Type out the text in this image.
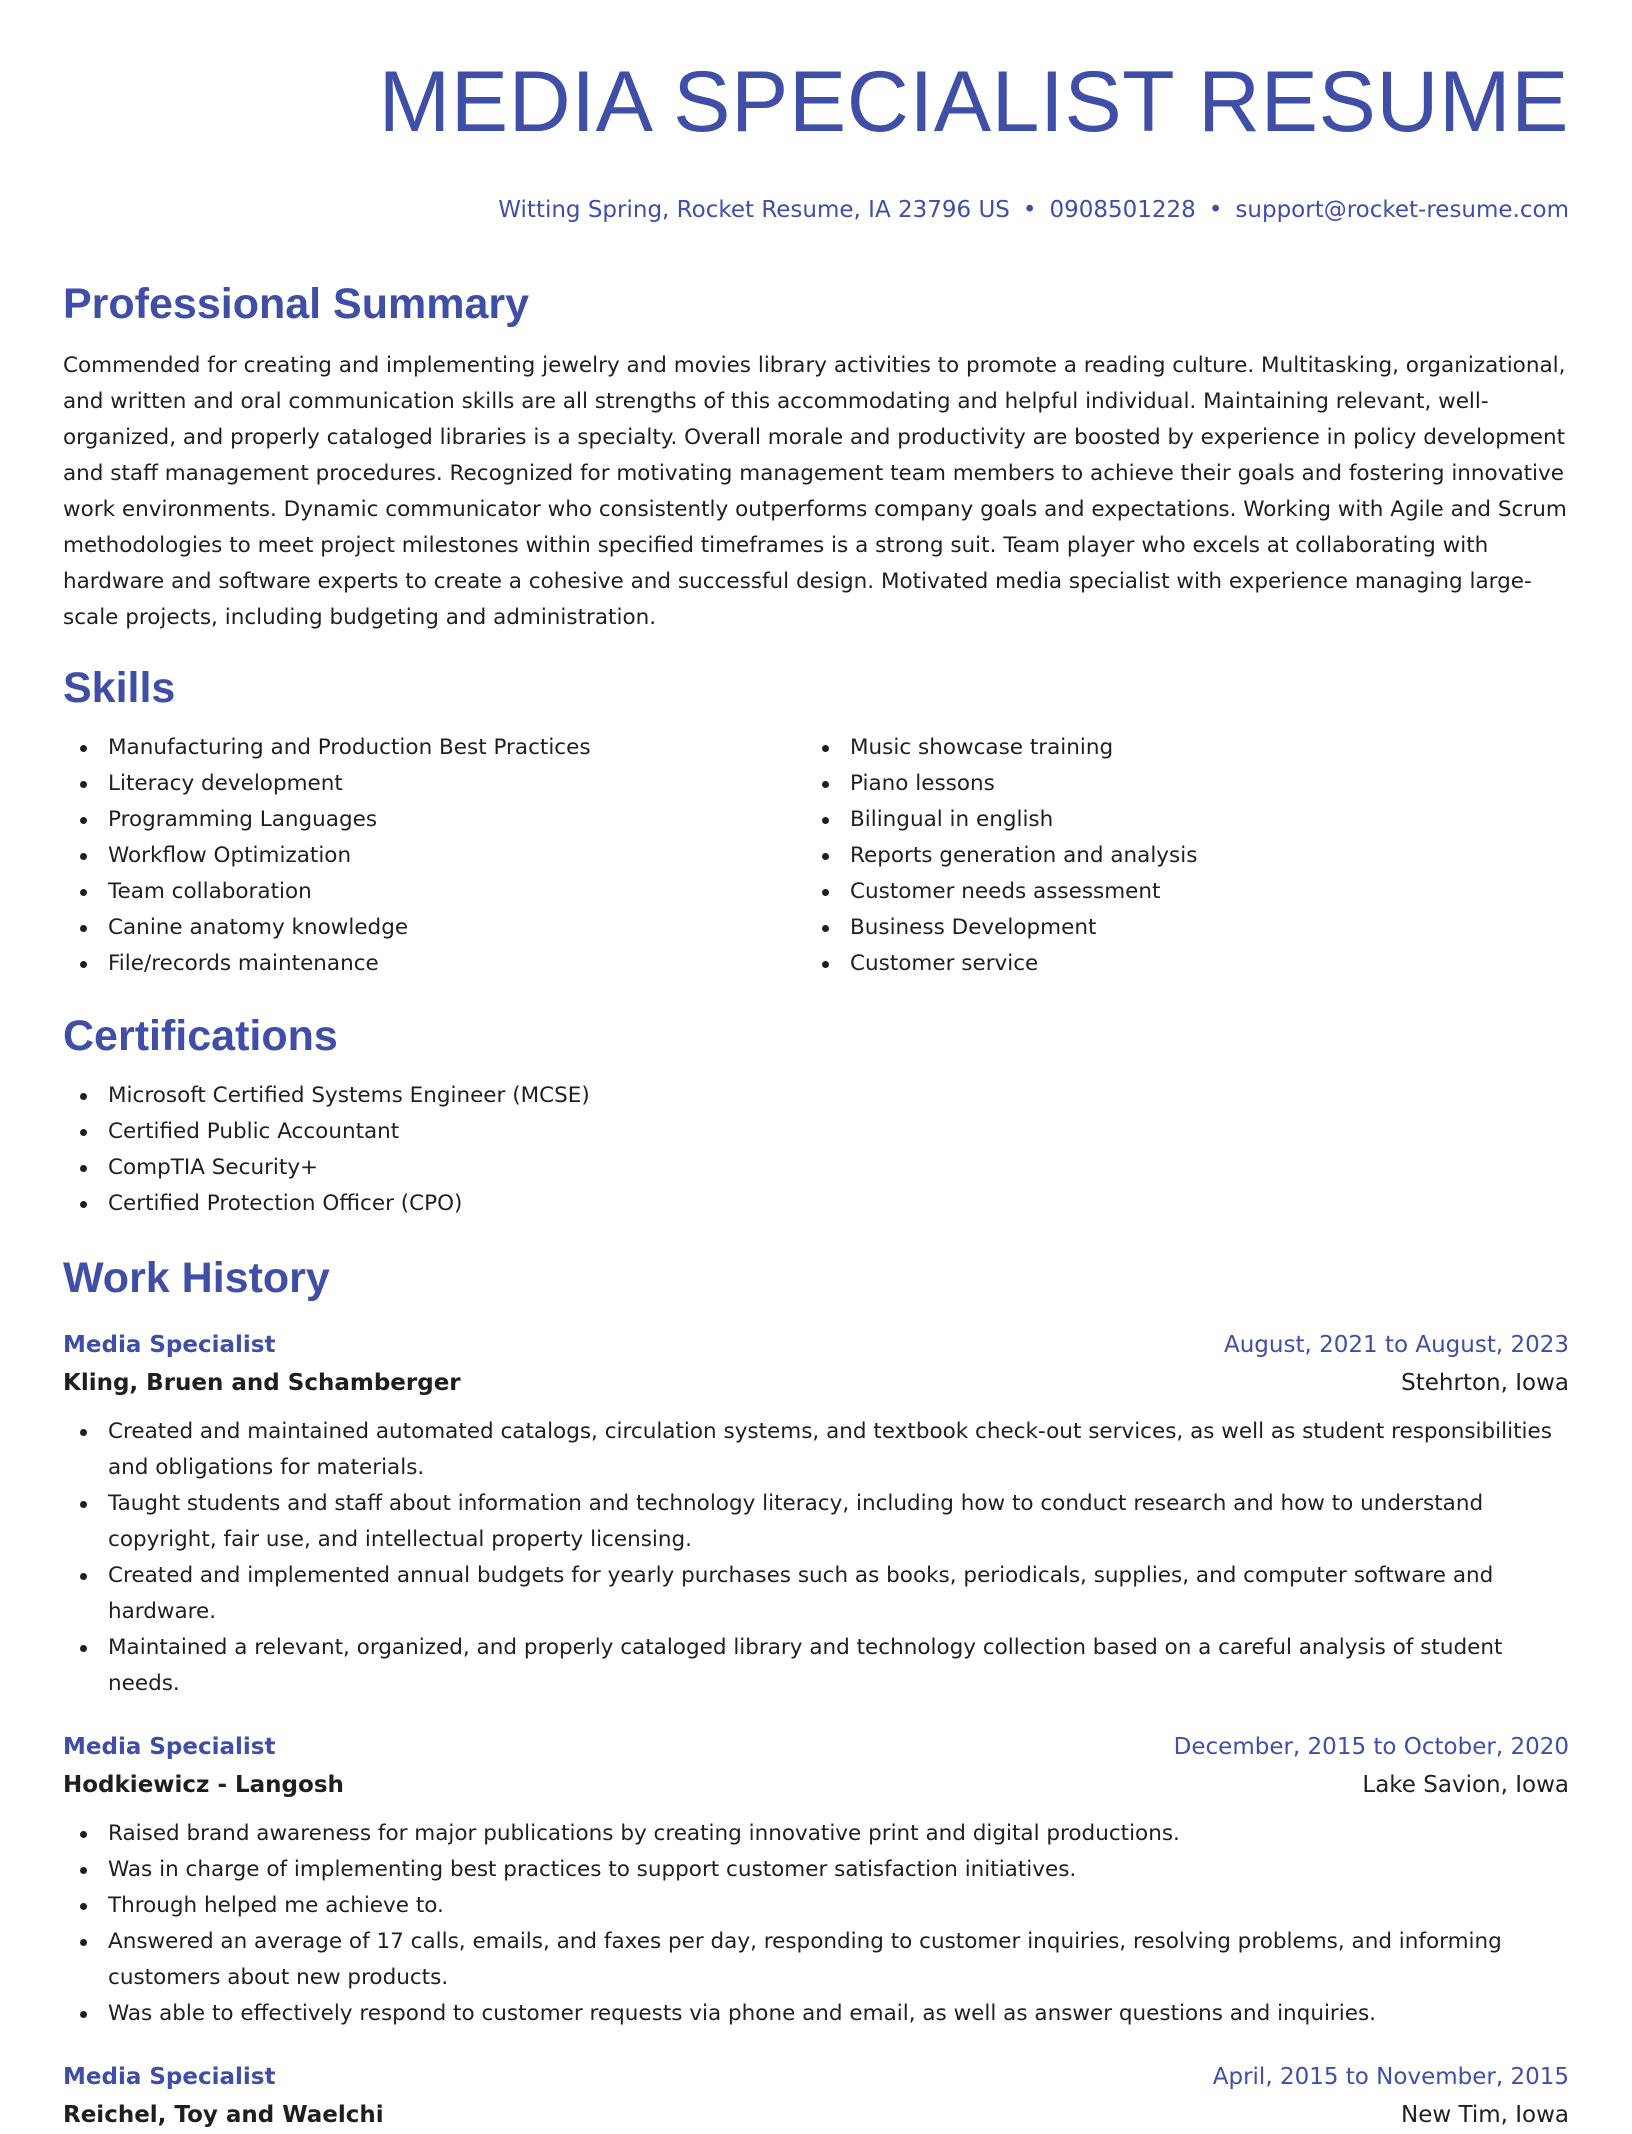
MEDIA SPECIALIST RESUME
Witting Spring, Rocket Resume, IA 23796 US • 0908501228 • support@rocket-resume.com
Professional Summary
Commended for creating and implementing jewelry and movies library activities to promote a reading culture. Multitasking, organizational, and written and oral communication skills are all strengths of this accommodating and helpful individual. Maintaining relevant, well-organized, and properly cataloged libraries is a specialty. Overall morale and productivity are boosted by experience in policy development and staff management procedures. Recognized for motivating management team members to achieve their goals and fostering innovative work environments. Dynamic communicator who consistently outperforms company goals and expectations. Working with Agile and Scrum methodologies to meet project milestones within specified timeframes is a strong suit. Team player who excels at collaborating with hardware and software experts to create a cohesive and successful design. Motivated media specialist with experience managing large-scale projects, including budgeting and administration.
Skills
Manufacturing and Production Best Practices
Literacy development
Programming Languages
Workflow Optimization
Team collaboration
Canine anatomy knowledge
File/records maintenance
Music showcase training
Piano lessons
Bilingual in english
Reports generation and analysis
Customer needs assessment
Business Development
Customer service
Certifications
Microsoft Certified Systems Engineer (MCSE)
Certified Public Accountant
CompTIA Security+
Certified Protection Officer (CPO)
Work History
Media Specialist	August, 2021 to August, 2023
Kling, Bruen and Schamberger	Stehrton, Iowa
Created and maintained automated catalogs, circulation systems, and textbook check-out services, as well as student responsibilities and obligations for materials.
Taught students and staff about information and technology literacy, including how to conduct research and how to understand copyright, fair use, and intellectual property licensing.
Created and implemented annual budgets for yearly purchases such as books, periodicals, supplies, and computer software and hardware.
Maintained a relevant, organized, and properly cataloged library and technology collection based on a careful analysis of student needs.
Media Specialist	December, 2015 to October, 2020
Hodkiewicz - Langosh	Lake Savion, Iowa
Raised brand awareness for major publications by creating innovative print and digital productions.
Was in charge of implementing best practices to support customer satisfaction initiatives.
Through helped me achieve to.
Answered an average of 17 calls, emails, and faxes per day, responding to customer inquiries, resolving problems, and informing customers about new products.
Was able to effectively respond to customer requests via phone and email, as well as answer questions and inquiries.
Media Specialist	April, 2015 to November, 2015
Reichel, Toy and Waelchi	New Tim, Iowa
